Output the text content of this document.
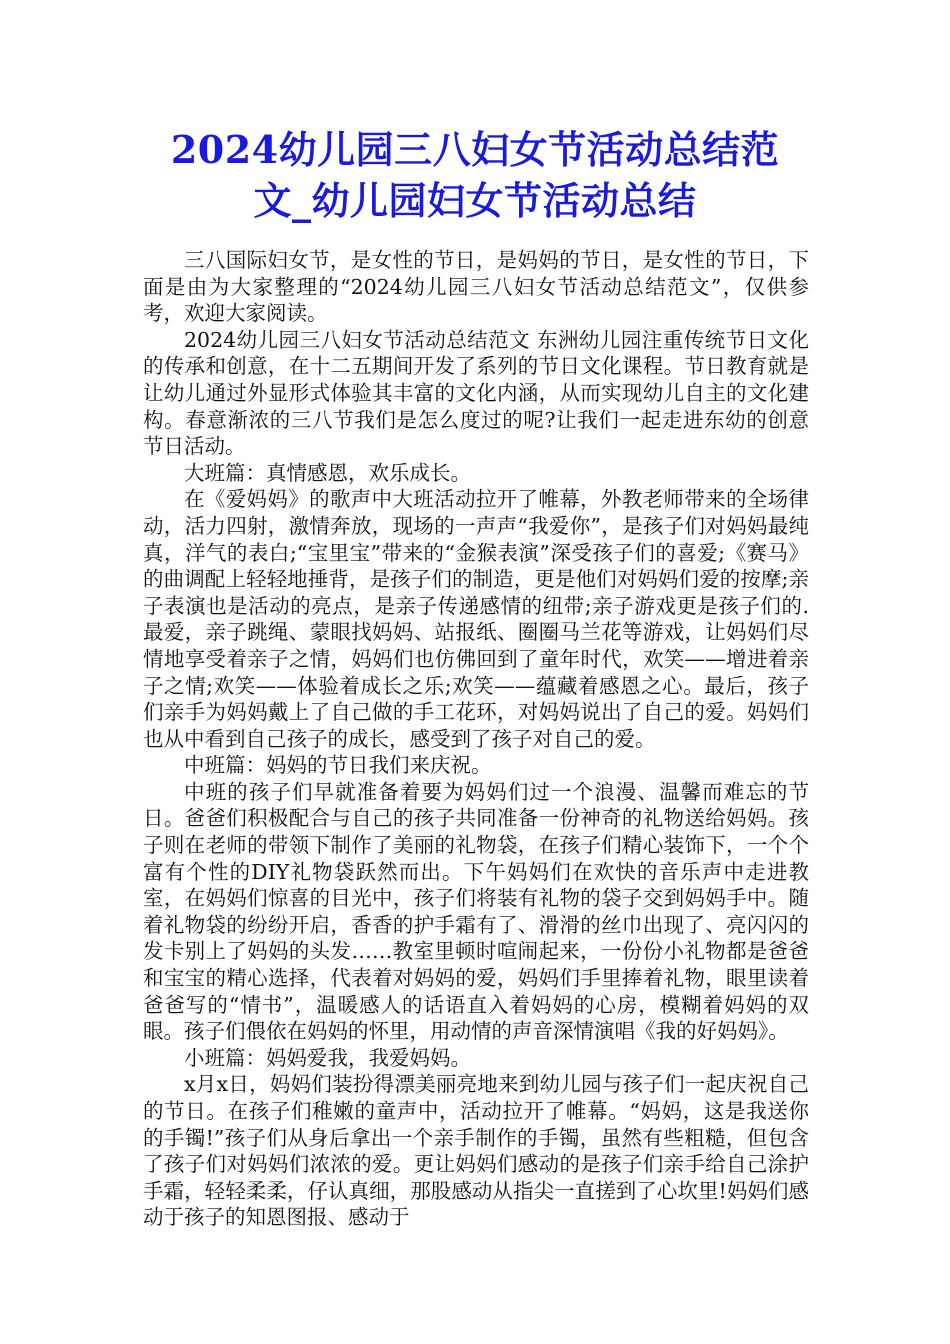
2024幼儿园三八妇女节活动总结范
文_幼儿园妇女节活动总结

三八国际妇女节，是女性的节日，是妈妈的节日，是女性的节日，下面是由为大家整理的“2024幼儿园三八妇女节活动总结范文”，仅供参考，欢迎大家阅读。

2024幼儿园三八妇女节活动总结范文 东洲幼儿园注重传统节日文化的传承和创意，在十二五期间开发了系列的节日文化课程。节日教育就是让幼儿通过外显形式体验其丰富的文化内涵，从而实现幼儿自主的文化建构。春意渐浓的三八节我们是怎么度过的呢?让我们一起走进东幼的创意节日活动。

大班篇：真情感恩，欢乐成长。

在《爱妈妈》的歌声中大班活动拉开了帷幕，外教老师带来的全场律动，活力四射，激情奔放，现场的一声声“我爱你”，是孩子们对妈妈最纯真，洋气的表白;“宝里宝”带来的“金猴表演”深受孩子们的喜爱;《赛马》的曲调配上轻轻地捶背，是孩子们的制造，更是他们对妈妈们爱的按摩;亲子表演也是活动的亮点，是亲子传递感情的纽带;亲子游戏更是孩子们的.最爱，亲子跳绳、蒙眼找妈妈、站报纸、圈圈马兰花等游戏，让妈妈们尽情地享受着亲子之情，妈妈们也仿佛回到了童年时代，欢笑——增进着亲子之情;欢笑——体验着成长之乐;欢笑——蕴藏着感恩之心。最后，孩子们亲手为妈妈戴上了自己做的手工花环，对妈妈说出了自己的爱。妈妈们也从中看到自己孩子的成长，感受到了孩子对自己的爱。

中班篇：妈妈的节日我们来庆祝。

中班的孩子们早就准备着要为妈妈们过一个浪漫、温馨而难忘的节日。爸爸们积极配合与自己的孩子共同准备一份神奇的礼物送给妈妈。孩子则在老师的带领下制作了美丽的礼物袋，在孩子们精心装饰下，一个个富有个性的DIY礼物袋跃然而出。下午妈妈们在欢快的音乐声中走进教室，在妈妈们惊喜的目光中，孩子们将装有礼物的袋子交到妈妈手中。随着礼物袋的纷纷开启，香香的护手霜有了、滑滑的丝巾出现了、亮闪闪的发卡别上了妈妈的头发……教室里顿时喧闹起来，一份份小礼物都是爸爸和宝宝的精心选择，代表着对妈妈的爱，妈妈们手里捧着礼物，眼里读着爸爸写的“情书”，温暖感人的话语直入着妈妈的心房，模糊着妈妈的双眼。孩子们偎依在妈妈的怀里，用动情的声音深情演唱《我的好妈妈》。

小班篇：妈妈爱我，我爱妈妈。

x月x日，妈妈们装扮得漂美丽亮地来到幼儿园与孩子们一起庆祝自己的节日。在孩子们稚嫩的童声中，活动拉开了帷幕。“妈妈，这是我送你的手镯!”孩子们从身后拿出一个亲手制作的手镯，虽然有些粗糙，但包含了孩子们对妈妈们浓浓的爱。更让妈妈们感动的是孩子们亲手给自己涂护手霜，轻轻柔柔，仔认真细，那股感动从指尖一直搓到了心坎里!妈妈们感动于孩子的知恩图报、感动于
